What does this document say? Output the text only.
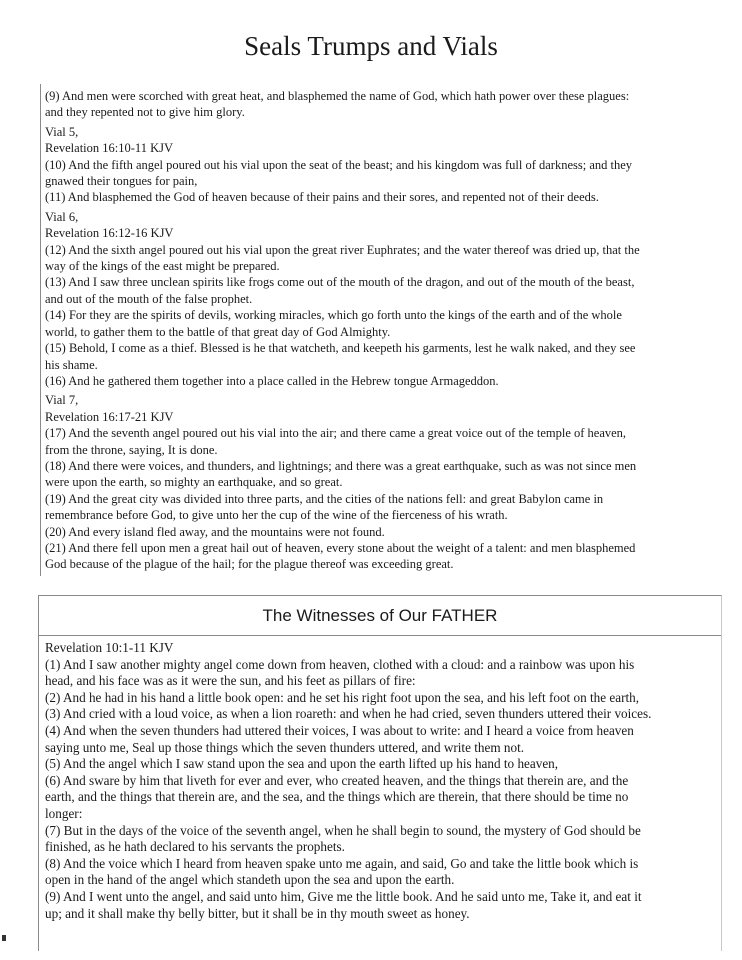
Seals Trumps and Vials
(9) And men were scorched with great heat, and blasphemed the name of God, which hath power over these plagues:
and they repented not to give him glory.
Vial 5,
Revelation 16:10-11 KJV
(10) And the fifth angel poured out his vial upon the seat of the beast; and his kingdom was full of darkness; and they
gnawed their tongues for pain,
(11) And blasphemed the God of heaven because of their pains and their sores, and repented not of their deeds.
Vial 6,
Revelation 16:12-16 KJV
(12) And the sixth angel poured out his vial upon the great river Euphrates; and the water thereof was dried up, that the
way of the kings of the east might be prepared.
(13) And I saw three unclean spirits like frogs come out of the mouth of the dragon, and out of the mouth of the beast,
and out of the mouth of the false prophet.
(14) For they are the spirits of devils, working miracles, which go forth unto the kings of the earth and of the whole
world, to gather them to the battle of that great day of God Almighty.
(15) Behold, I come as a thief. Blessed is he that watcheth, and keepeth his garments, lest he walk naked, and they see
his shame.
(16) And he gathered them together into a place called in the Hebrew tongue Armageddon.
Vial 7,
Revelation 16:17-21 KJV
(17) And the seventh angel poured out his vial into the air; and there came a great voice out of the temple of heaven,
from the throne, saying, It is done.
(18) And there were voices, and thunders, and lightnings; and there was a great earthquake, such as was not since men
were upon the earth, so mighty an earthquake, and so great.
(19) And the great city was divided into three parts, and the cities of the nations fell: and great Babylon came in
remembrance before God, to give unto her the cup of the wine of the fierceness of his wrath.
(20) And every island fled away, and the mountains were not found.
(21) And there fell upon men a great hail out of heaven, every stone about the weight of a talent: and men blasphemed
God because of the plague of the hail; for the plague thereof was exceeding great.
The Witnesses of Our FATHER
Revelation 10:1-11 KJV
(1) And I saw another mighty angel come down from heaven, clothed with a cloud: and a rainbow was upon his
head, and his face was as it were the sun, and his feet as pillars of fire:
(2) And he had in his hand a little book open: and he set his right foot upon the sea, and his left foot on the earth,
(3) And cried with a loud voice, as when a lion roareth: and when he had cried, seven thunders uttered their voices.
(4) And when the seven thunders had uttered their voices, I was about to write: and I heard a voice from heaven
saying unto me, Seal up those things which the seven thunders uttered, and write them not.
(5) And the angel which I saw stand upon the sea and upon the earth lifted up his hand to heaven,
(6) And sware by him that liveth for ever and ever, who created heaven, and the things that therein are, and the
earth, and the things that therein are, and the sea, and the things which are therein, that there should be time no
longer:
(7) But in the days of the voice of the seventh angel, when he shall begin to sound, the mystery of God should be
finished, as he hath declared to his servants the prophets.
(8) And the voice which I heard from heaven spake unto me again, and said, Go and take the little book which is
open in the hand of the angel which standeth upon the sea and upon the earth.
(9) And I went unto the angel, and said unto him, Give me the little book. And he said unto me, Take it, and eat it
up; and it shall make thy belly bitter, but it shall be in thy mouth sweet as honey.
